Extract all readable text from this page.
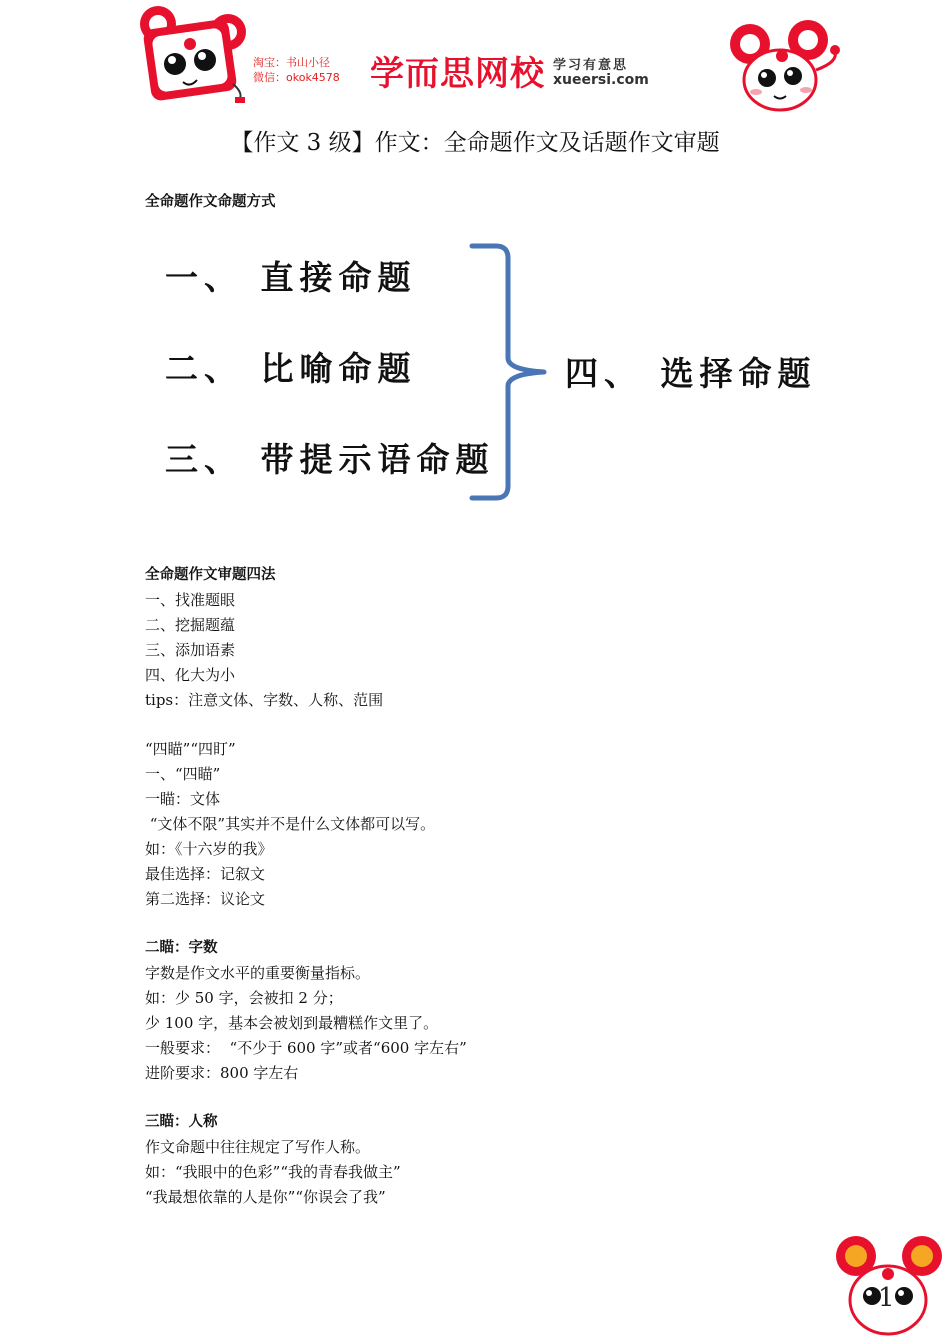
淘宝：书山小径
微信：okok4578 学而思网校 学习有意思
xueersi.com
【作文 3 级】作文：全命题作文及话题作文审题
全命题作文命题方式
一、 直接命题
二、 比喻命题
三、 带提示语命题
四、 选择命题
全命题作文审题四法
一、找准题眼
二、挖掘题蕴
三、添加语素
四、化大为小
tips：注意文体、字数、人称、范围
“四瞄”“四盯”
一、“四瞄”
一瞄：文体
“文体不限”其实并不是什么文体都可以写。
如：《十六岁的我》
最佳选择：记叙文
第二选择：议论文
二瞄：字数
字数是作文水平的重要衡量指标。
如：少 50 字，会被扣 2 分；
少 100 字，基本会被划到最糟糕作文里了。
一般要求：  “不少于 600 字”或者“600 字左右”
进阶要求：800 字左右
三瞄：人称
作文命题中往往规定了写作人称。
如：“我眼中的色彩”“我的青春我做主”
“我最想依靠的人是你”“你误会了我”
1
